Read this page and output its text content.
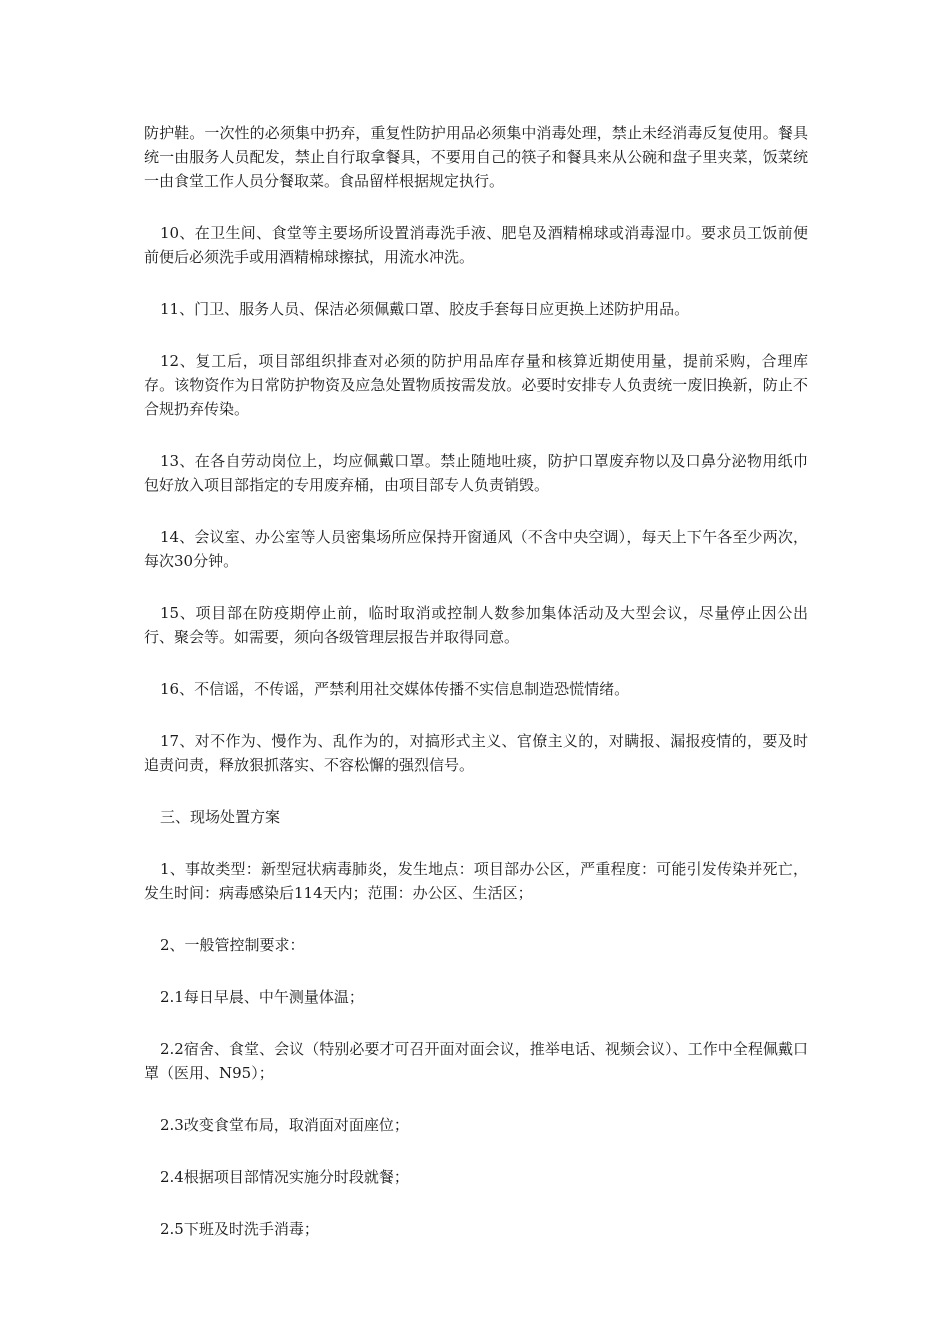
防护鞋。一次性的必须集中扔弃，重复性防护用品必须集中消毒处理，禁止未经消毒反复使用。餐具统一由服务人员配发，禁止自行取拿餐具，不要用自己的筷子和餐具来从公碗和盘子里夹菜，饭菜统一由食堂工作人员分餐取菜。食品留样根据规定执行。

10、在卫生间、食堂等主要场所设置消毒洗手液、肥皂及酒精棉球或消毒湿巾。要求员工饭前便前便后必须洗手或用酒精棉球擦拭，用流水冲洗。

11、门卫、服务人员、保洁必须佩戴口罩、胶皮手套每日应更换上述防护用品。

12、复工后，项目部组织排查对必须的防护用品库存量和核算近期使用量，提前采购，合理库存。该物资作为日常防护物资及应急处置物质按需发放。必要时安排专人负责统一废旧换新，防止不合规扔弃传染。

13、在各自劳动岗位上，均应佩戴口罩。禁止随地吐痰，防护口罩废弃物以及口鼻分泌物用纸巾包好放入项目部指定的专用废弃桶，由项目部专人负责销毁。

14、会议室、办公室等人员密集场所应保持开窗通风（不含中央空调），每天上下午各至少两次，每次30分钟。

15、项目部在防疫期停止前，临时取消或控制人数参加集体活动及大型会议，尽量停止因公出行、聚会等。如需要，须向各级管理层报告并取得同意。

16、不信谣，不传谣，严禁利用社交媒体传播不实信息制造恐慌情绪。

17、对不作为、慢作为、乱作为的，对搞形式主义、官僚主义的，对瞒报、漏报疫情的，要及时追责问责，释放狠抓落实、不容松懈的强烈信号。

三、现场处置方案

1、事故类型：新型冠状病毒肺炎，发生地点：项目部办公区，严重程度：可能引发传染并死亡，发生时间：病毒感染后114天内；范围：办公区、生活区；

2、一般管控制要求：

2.1每日早晨、中午测量体温；

2.2宿舍、食堂、会议（特别必要才可召开面对面会议，推举电话、视频会议）、工作中全程佩戴口罩（医用、N95）；

2.3改变食堂布局，取消面对面座位；

2.4根据项目部情况实施分时段就餐；

2.5下班及时洗手消毒；
